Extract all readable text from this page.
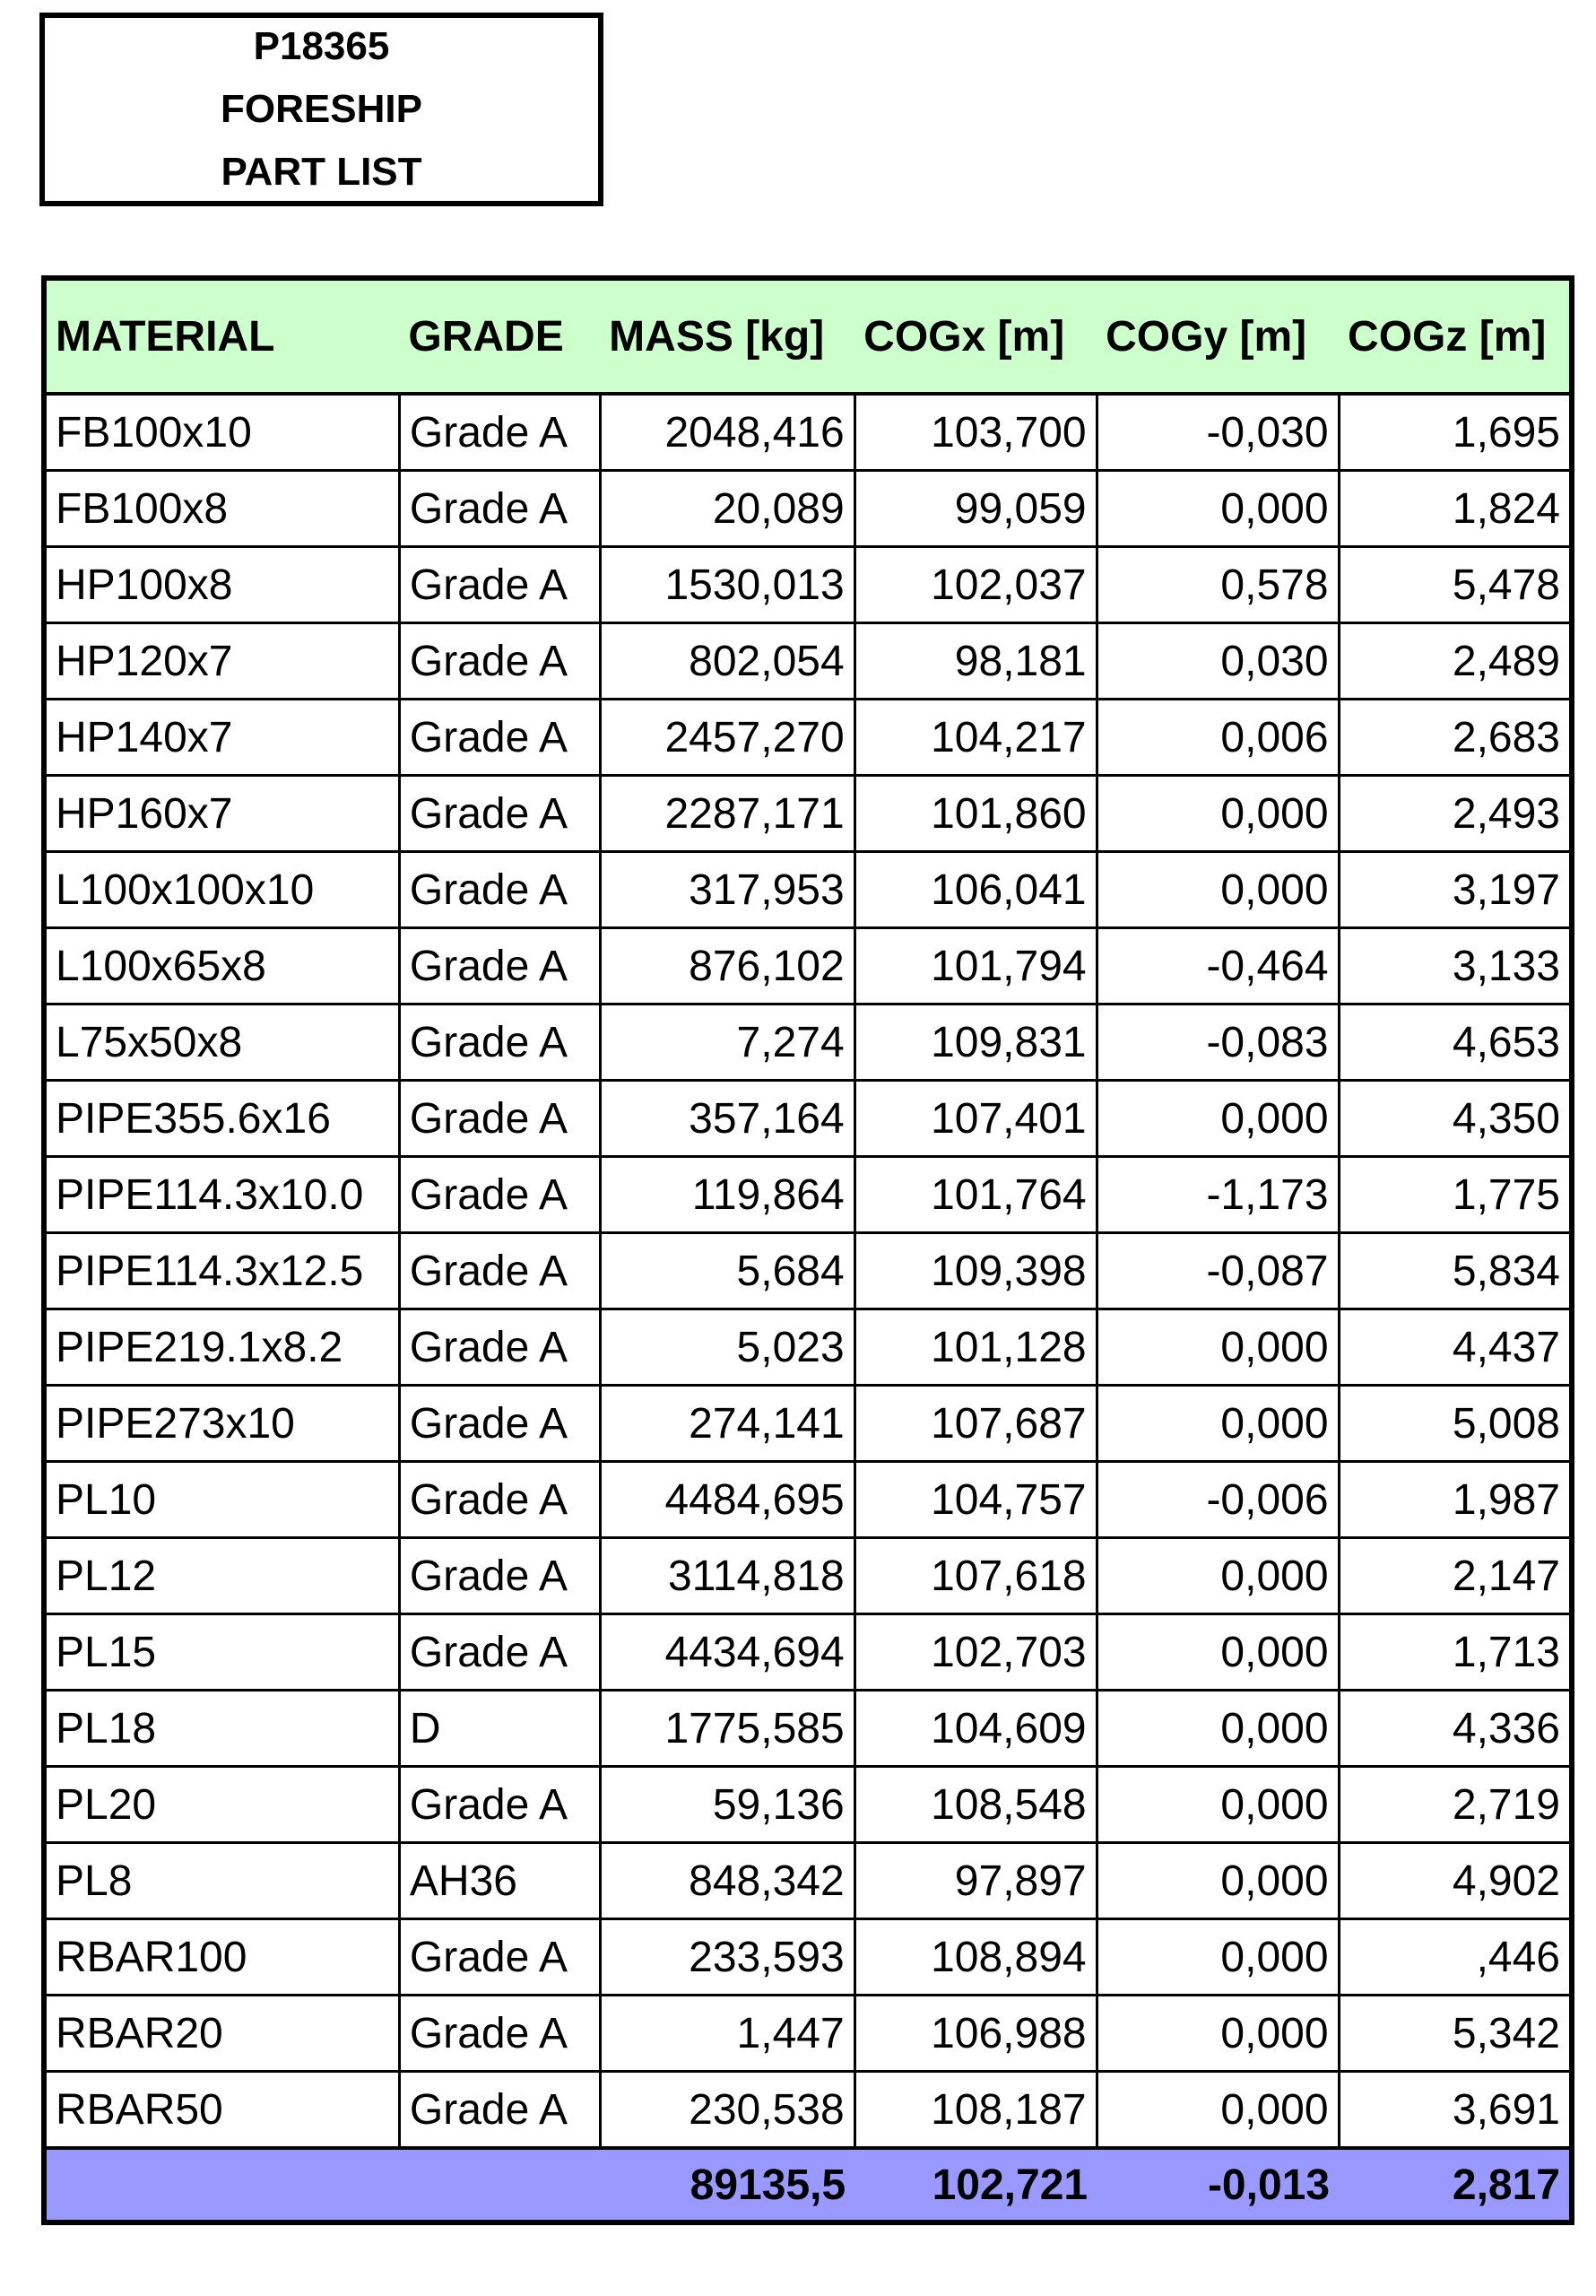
P18365
FORESHIP
PART LIST
MATERIAL	GRADE	MASS [kg]	COGx [m]	COGy [m]	COGz [m]
FB100x10	Grade A	2048,416	103,700	-0,030	1,695
FB100x8	Grade A	20,089	99,059	0,000	1,824
HP100x8	Grade A	1530,013	102,037	0,578	5,478
HP120x7	Grade A	802,054	98,181	0,030	2,489
HP140x7	Grade A	2457,270	104,217	0,006	2,683
HP160x7	Grade A	2287,171	101,860	0,000	2,493
L100x100x10	Grade A	317,953	106,041	0,000	3,197
L100x65x8	Grade A	876,102	101,794	-0,464	3,133
L75x50x8	Grade A	7,274	109,831	-0,083	4,653
PIPE355.6x16	Grade A	357,164	107,401	0,000	4,350
PIPE114.3x10.0	Grade A	119,864	101,764	-1,173	1,775
PIPE114.3x12.5	Grade A	5,684	109,398	-0,087	5,834
PIPE219.1x8.2	Grade A	5,023	101,128	0,000	4,437
PIPE273x10	Grade A	274,141	107,687	0,000	5,008
PL10	Grade A	4484,695	104,757	-0,006	1,987
PL12	Grade A	3114,818	107,618	0,000	2,147
PL15	Grade A	4434,694	102,703	0,000	1,713
PL18	D	1775,585	104,609	0,000	4,336
PL20	Grade A	59,136	108,548	0,000	2,719
PL8	AH36	848,342	97,897	0,000	4,902
RBAR100	Grade A	233,593	108,894	0,000	,446
RBAR20	Grade A	1,447	106,988	0,000	5,342
RBAR50	Grade A	230,538	108,187	0,000	3,691
		89135,5	102,721	-0,013	2,817
